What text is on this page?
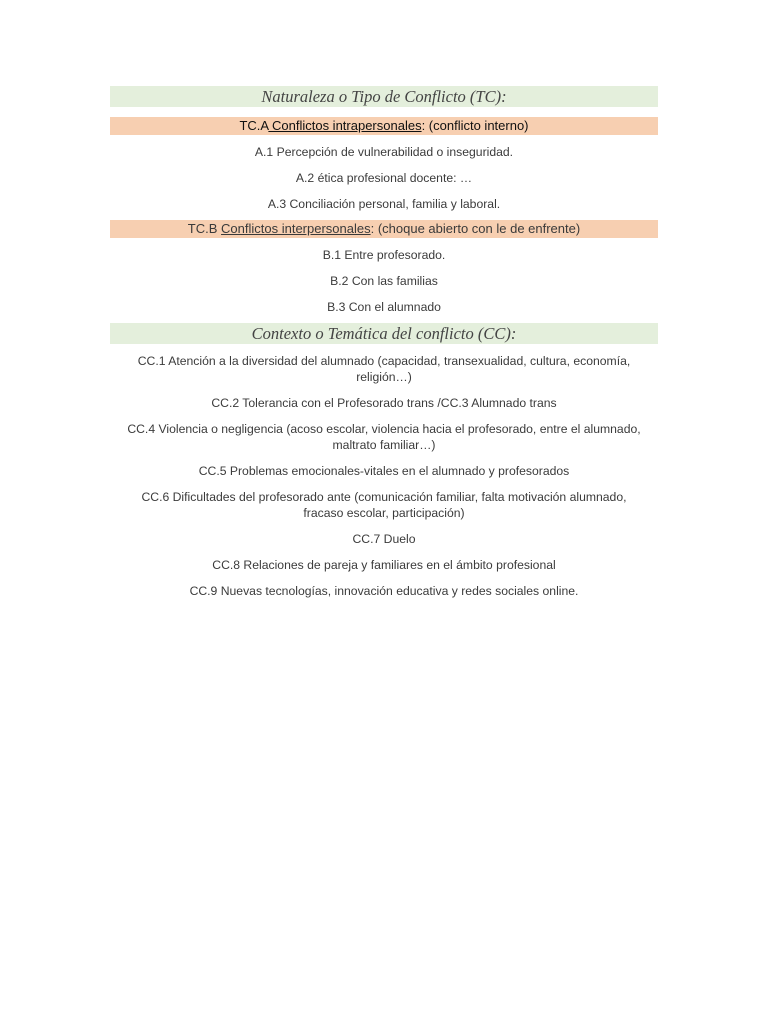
Naturaleza o Tipo de Conflicto (TC):
TC.A Conflictos intrapersonales: (conflicto interno)
A.1 Percepción de vulnerabilidad o inseguridad.
A.2 ética profesional docente: …
A.3 Conciliación personal, familia y laboral.
TC.B Conflictos interpersonales: (choque abierto con le de enfrente)
B.1 Entre profesorado.
B.2 Con las familias
B.3 Con el alumnado
Contexto o Temática del conflicto (CC):
CC.1 Atención a la diversidad del alumnado (capacidad, transexualidad, cultura, economía, religión…)
CC.2 Tolerancia con el Profesorado trans /CC.3 Alumnado trans
CC.4 Violencia o negligencia (acoso escolar, violencia hacia el profesorado, entre el alumnado, maltrato familiar…)
CC.5 Problemas emocionales-vitales en el alumnado y profesorados
CC.6 Dificultades del profesorado ante (comunicación familiar, falta motivación alumnado, fracaso escolar, participación)
CC.7 Duelo
CC.8 Relaciones de pareja y familiares en el ámbito profesional
CC.9 Nuevas tecnologías, innovación educativa y redes sociales online.
